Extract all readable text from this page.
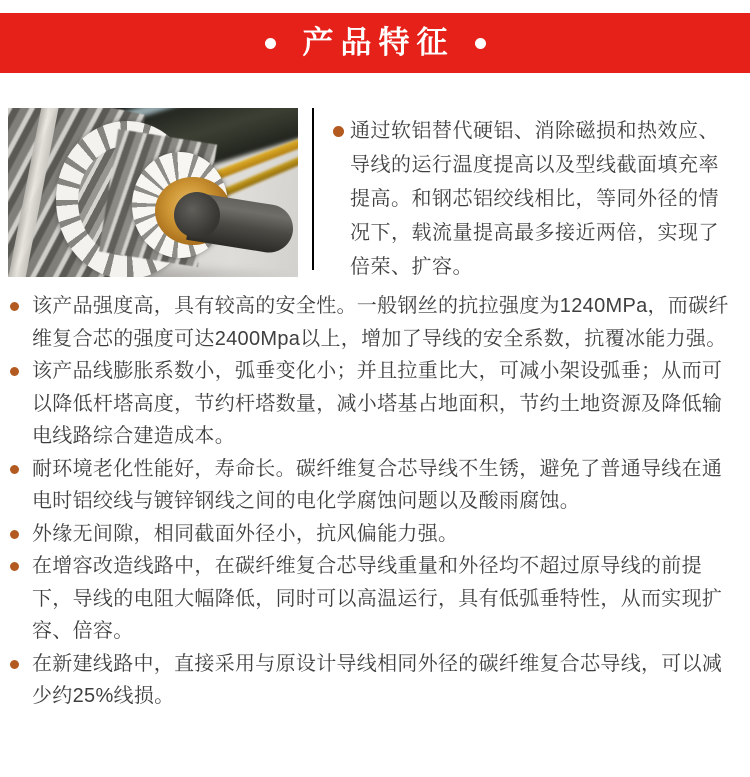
产品特征

通过软铝替代硬铝、消除磁损和热效应、导线的运行温度提高以及型线截面填充率提高。和钢芯铝绞线相比，等同外径的情况下，载流量提高最多接近两倍，实现了倍荣、扩容。

该产品强度高，具有较高的安全性。一般钢丝的抗拉强度为1240MPa，而碳纤维复合芯的强度可达2400Mpa以上，增加了导线的安全系数，抗覆冰能力强。
该产品线膨胀系数小，弧垂变化小；并且拉重比大，可减小架设弧垂；从而可以降低杆塔高度，节约杆塔数量，减小塔基占地面积，节约土地资源及降低输电线路综合建造成本。
耐环境老化性能好，寿命长。碳纤维复合芯导线不生锈，避免了普通导线在通电时铝绞线与镀锌钢线之间的电化学腐蚀问题以及酸雨腐蚀。
外缘无间隙，相同截面外径小，抗风偏能力强。
在增容改造线路中，在碳纤维复合芯导线重量和外径均不超过原导线的前提下，导线的电阻大幅降低，同时可以高温运行，具有低弧垂特性，从而实现扩容、倍容。
在新建线路中，直接采用与原设计导线相同外径的碳纤维复合芯导线，可以减少约25%线损。
